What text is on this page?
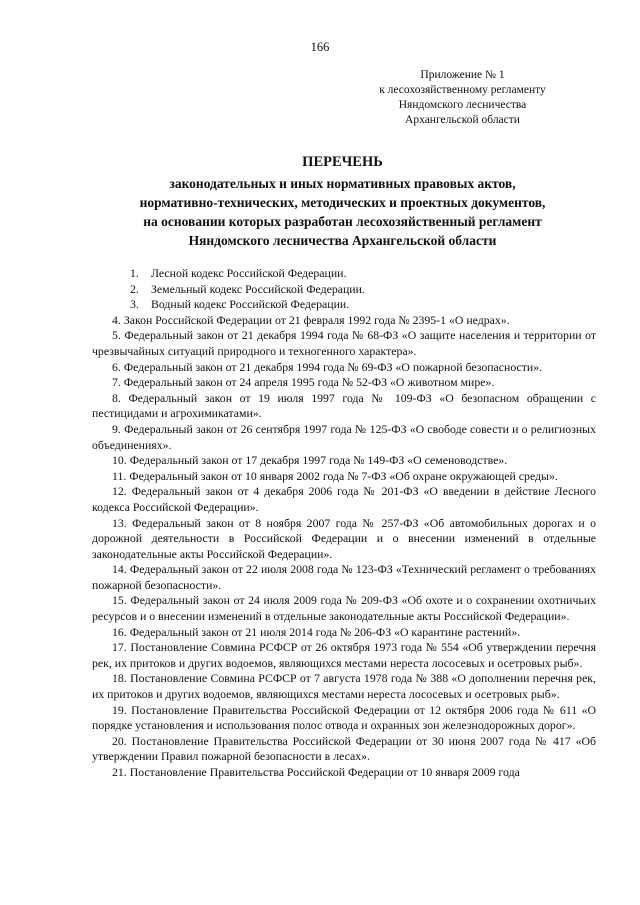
166
Приложение № 1
к лесохозяйственному регламенту
Няндомского лесничества
Архангельской области
ПЕРЕЧЕНЬ
законодательных и иных нормативных правовых актов,
нормативно-технических, методических и проектных документов,
на основании которых разработан лесохозяйственный регламент
Няндомского лесничества Архангельской области

1. Лесной кодекс Российской Федерации.

2. Земельный кодекс Российской Федерации.

3. Водный кодекс Российской Федерации.

4. Закон Российской Федерации от 21 февраля 1992 года № 2395-1 «О недрах».

5. Федеральный закон от 21 декабря 1994 года № 68-ФЗ «О защите населения и территории от чрезвычайных ситуаций природного и техногенного характера».

6. Федеральный закон от 21 декабря 1994 года № 69-ФЗ «О пожарной безопасности».

7. Федеральный закон от 24 апреля 1995 года № 52-ФЗ «О животном мире».

8. Федеральный закон от 19 июля 1997 года № 109-ФЗ «О безопасном обращении с пестицидами и агрохимикатами».

9. Федеральный закон от 26 сентября 1997 года № 125-ФЗ «О свободе совести и о религиозных объединениях».

10. Федеральный закон от 17 декабря 1997 года № 149-ФЗ «О семеноводстве».

11. Федеральный закон от 10 января 2002 года № 7-ФЗ «Об охране окружающей среды».

12. Федеральный закон от 4 декабря 2006 года № 201-ФЗ «О введении в действие Лесного кодекса Российской Федерации».

13. Федеральный закон от 8 ноября 2007 года № 257-ФЗ «Об автомобильных дорогах и о дорожной деятельности в Российской Федерации и о внесении изменений в отдельные законодательные акты Российской Федерации».

14. Федеральный закон от 22 июля 2008 года № 123-ФЗ «Технический регламент о требованиях пожарной безопасности».

15. Федеральный закон от 24 июля 2009 года № 209-ФЗ «Об охоте и о сохранении охотничьих ресурсов и о внесении изменений в отдельные законодательные акты Российской Федерации».

16. Федеральный закон от 21 июля 2014 года № 206-ФЗ «О карантине растений».

17. Постановление Совмина РСФСР от 26 октября 1973 года № 554 «Об утверждении перечня рек, их притоков и других водоемов, являющихся местами нереста лососевых и осетровых рыб».

18. Постановление Совмина РСФСР от 7 августа 1978 года № 388 «О дополнении перечня рек, их притоков и других водоемов, являющихся местами нереста лососевых и осетровых рыб».

19. Постановление Правительства Российской Федерации от 12 октября 2006 года № 611 «О порядке установления и использования полос отвода и охранных зон железнодорожных дорог».

20. Постановление Правительства Российской Федерации от 30 июня 2007 года № 417 «Об утверждении Правил пожарной безопасности в лесах».

21. Постановление Правительства Российской Федерации от 10 января 2009 года
